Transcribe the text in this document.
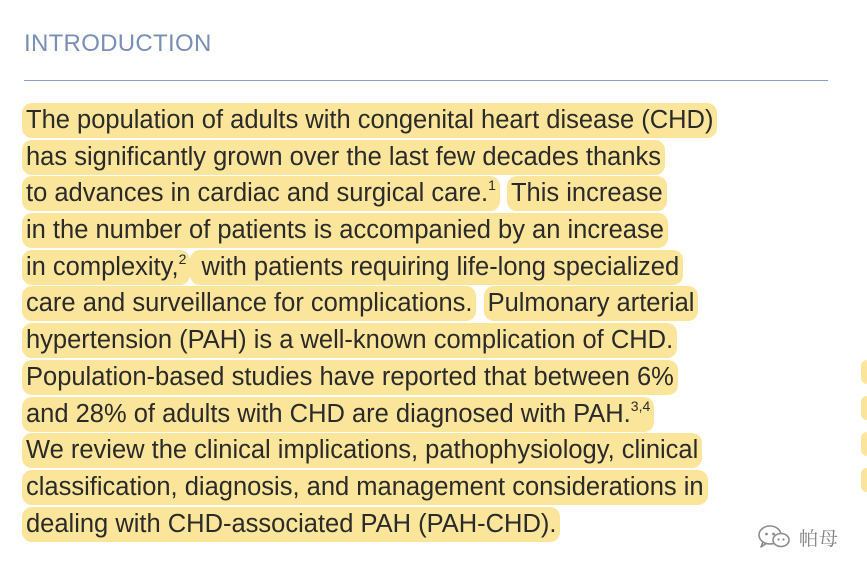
INTRODUCTION
The population of adults with congenital heart disease (CHD)
has significantly grown over the last few decades thanks
to advances in cardiac and surgical care.$^1$ This increase
in the number of patients is accompanied by an increase
in complexity,$^2$ with patients requiring life-long specialized
care and surveillance for complications. Pulmonary arterial
hypertension (PAH) is a well-known complication of CHD.
Population-based studies have reported that between 6%
and 28% of adults with CHD are diagnosed with PAH.$^{3,4}$
We review the clinical implications, pathophysiology, clinical
classification, diagnosis, and management considerations in
dealing with CHD-associated PAH (PAH-CHD).
帕母
